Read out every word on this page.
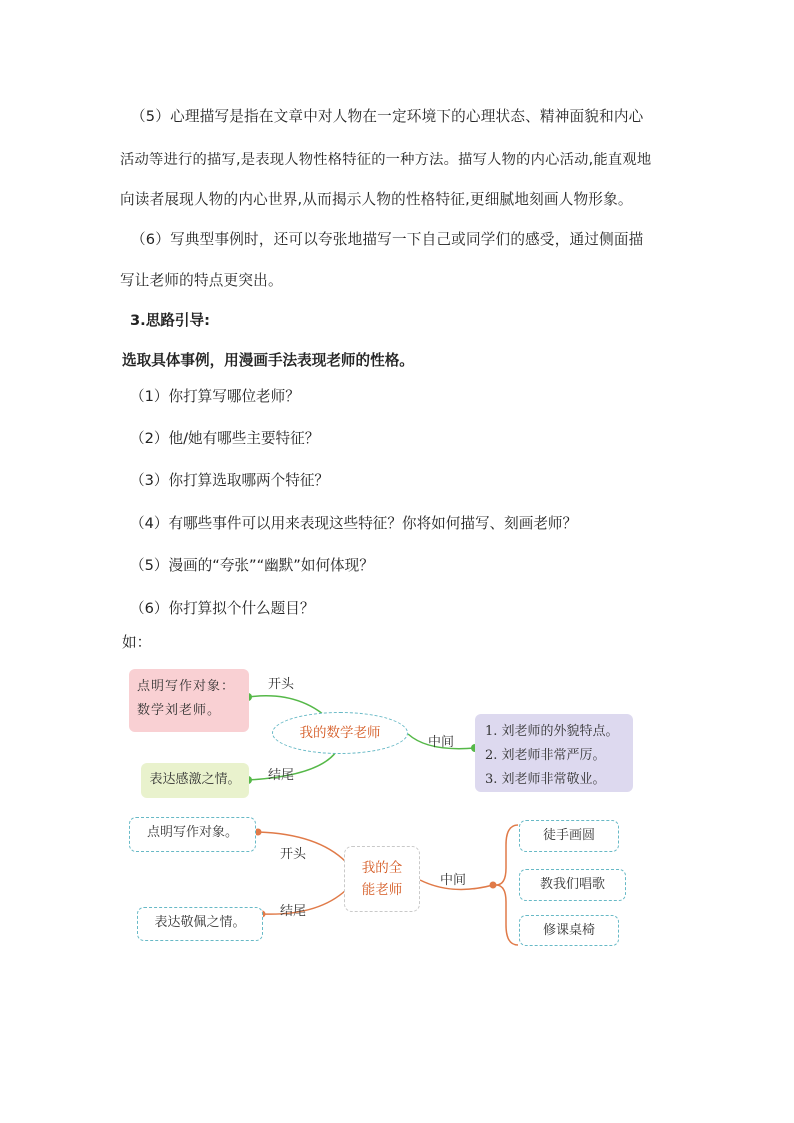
（5）心理描写是指在文章中对人物在一定环境下的心理状态、精神面貌和内心

活动等进行的描写,是表现人物性格特征的一种方法。描写人物的内心活动,能直观地

向读者展现人物的内心世界,从而揭示人物的性格特征,更细腻地刻画人物形象。

（6）写典型事例时，还可以夸张地描写一下自己或同学们的感受，通过侧面描

写让老师的特点更突出。

3.思路引导:

选取具体事例，用漫画手法表现老师的性格。

（1）你打算写哪位老师？

（2）他/她有哪些主要特征？

（3）你打算选取哪两个特征？

（4）有哪些事件可以用来表现这些特征？你将如何描写、刻画老师？

（5）漫画的“夸张”“幽默”如何体现？

（6）你打算拟个什么题目？

如：

点明写作对象：
数学刘老师。
表达感激之情。
我的数学老师	1. 刘老师的外貌特点。
2. 刘老师非常严厉。
3. 刘老师非常敬业。
开头
结尾
中间
点明写作对象。
表达敬佩之情。
我的全
能老师
徒手画圆
教我们唱歌
修课桌椅
开头
结尾
中间
